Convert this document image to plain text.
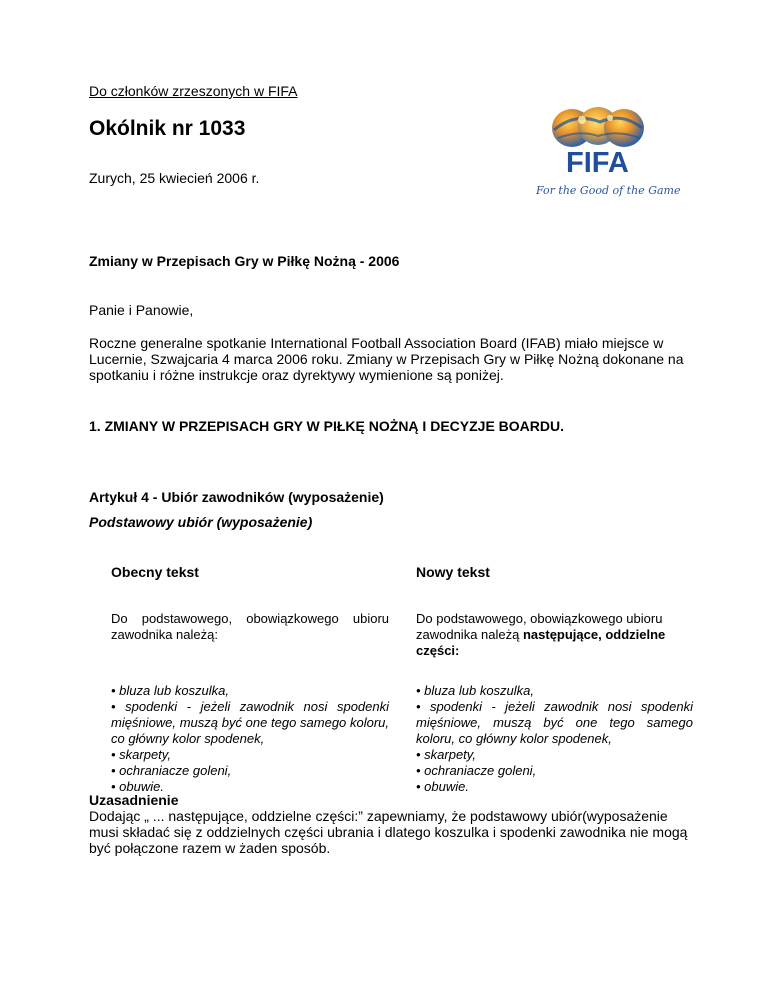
Do członków zrzeszonych w FIFA
Okólnik nr 1033
Zurych, 25 kwiecień 2006 r.	FIFA
For the Good of the Game
Zmiany w Przepisach Gry w Piłkę Nożną - 2006
Panie i Panowie,
Roczne generalne spotkanie International Football Association Board (IFAB) miało miejsce w Lucernie, Szwajcaria 4 marca 2006 roku. Zmiany w Przepisach Gry w Piłkę Nożną dokonane na spotkaniu i różne instrukcje oraz dyrektywy wymienione są poniżej.
1. ZMIANY W PRZEPISACH GRY W PIŁKĘ NOŻNĄ I DECYZJE BOARDU.
Artykuł 4 - Ubiór zawodników (wyposażenie)
Podstawowy ubiór (wyposażenie)
Obecny tekst	Nowy tekst
Do podstawowego, obowiązkowego ubioru zawodnika należą:
Do podstawowego, obowiązkowego ubioru zawodnika należą następujące, oddzielne części:
• bluza lub koszulka,
• spodenki - jeżeli zawodnik nosi spodenki mięśniowe, muszą być one tego samego koloru, co główny kolor spodenek,
• skarpety,
• ochraniacze goleni,
• obuwie.
• bluza lub koszulka,
• spodenki - jeżeli zawodnik nosi spodenki mięśniowe, muszą być one tego samego koloru, co główny kolor spodenek,
• skarpety,
• ochraniacze goleni,
• obuwie.
Uzasadnienie
Dodając „ ... następujące, oddzielne części:” zapewniamy, że podstawowy ubiór(wyposażenie musi składać się z oddzielnych części ubrania i dlatego koszulka i spodenki zawodnika nie mogą być połączone razem w żaden sposób.
